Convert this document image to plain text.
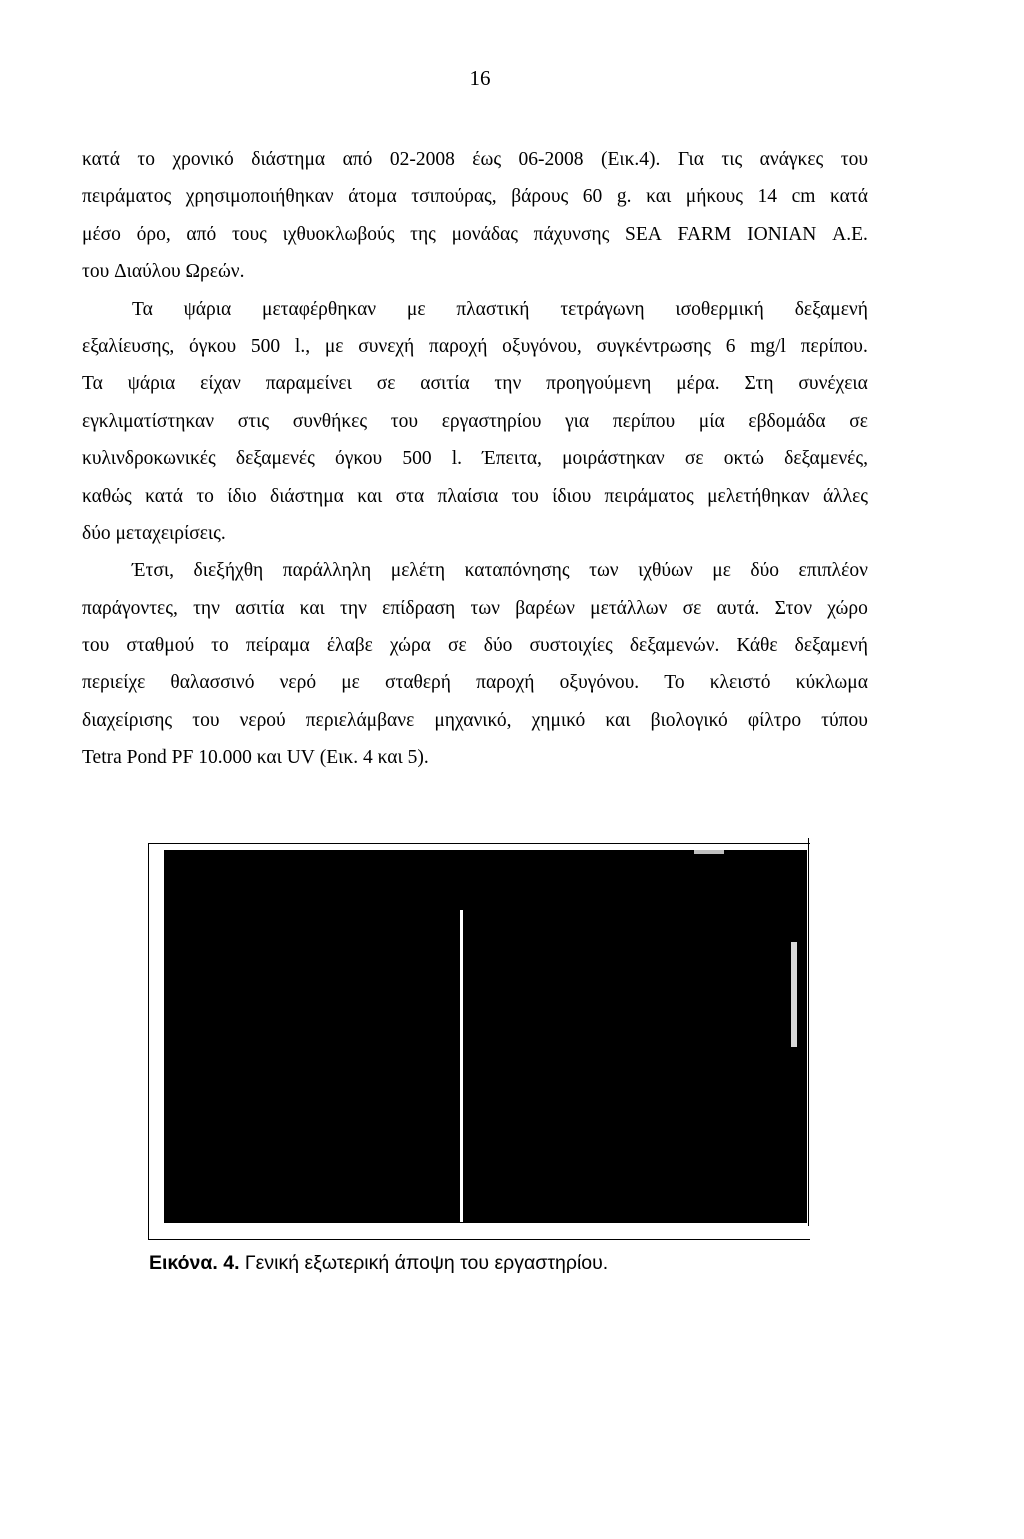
16
κατά το χρονικό διάστημα από 02-2008 έως 06-2008 (Εικ.4). Για τις ανάγκες του
πειράματος χρησιμοποιήθηκαν άτομα τσιπούρας, βάρους 60 g. και μήκους 14 cm κατά
μέσο όρο, από τους ιχθυοκλωβούς της μονάδας πάχυνσης SEA FARM IONIAN A.E.
του Διαύλου Ωρεών.
Τα ψάρια μεταφέρθηκαν με πλαστική τετράγωνη ισοθερμική δεξαμενή
εξαλίευσης, όγκου 500 l., με συνεχή παροχή οξυγόνου, συγκέντρωσης 6 mg/l περίπου.
Τα ψάρια είχαν παραμείνει σε ασιτία την προηγούμενη μέρα. Στη συνέχεια
εγκλιματίστηκαν στις συνθήκες του εργαστηρίου για περίπου μία εβδομάδα σε
κυλινδροκωνικές δεξαμενές όγκου 500 l. Έπειτα, μοιράστηκαν σε οκτώ δεξαμενές,
καθώς κατά το ίδιο διάστημα και στα πλαίσια του ίδιου πειράματος μελετήθηκαν άλλες
δύο μεταχειρίσεις.
Έτσι, διεξήχθη παράλληλη μελέτη καταπόνησης των ιχθύων με δύο επιπλέον
παράγοντες, την ασιτία και την επίδραση των βαρέων μετάλλων σε αυτά. Στον χώρο
του σταθμού το πείραμα έλαβε χώρα σε δύο συστοιχίες δεξαμενών. Κάθε δεξαμενή
περιείχε θαλασσινό νερό με σταθερή παροχή οξυγόνου. Το κλειστό κύκλωμα
διαχείρισης του νερού περιελάμβανε μηχανικό, χημικό και βιολογικό φίλτρο τύπου
Tetra Pond PF 10.000 και UV (Εικ. 4 και 5).
Εικόνα. 4. Γενική εξωτερική άποψη του εργαστηρίου.
